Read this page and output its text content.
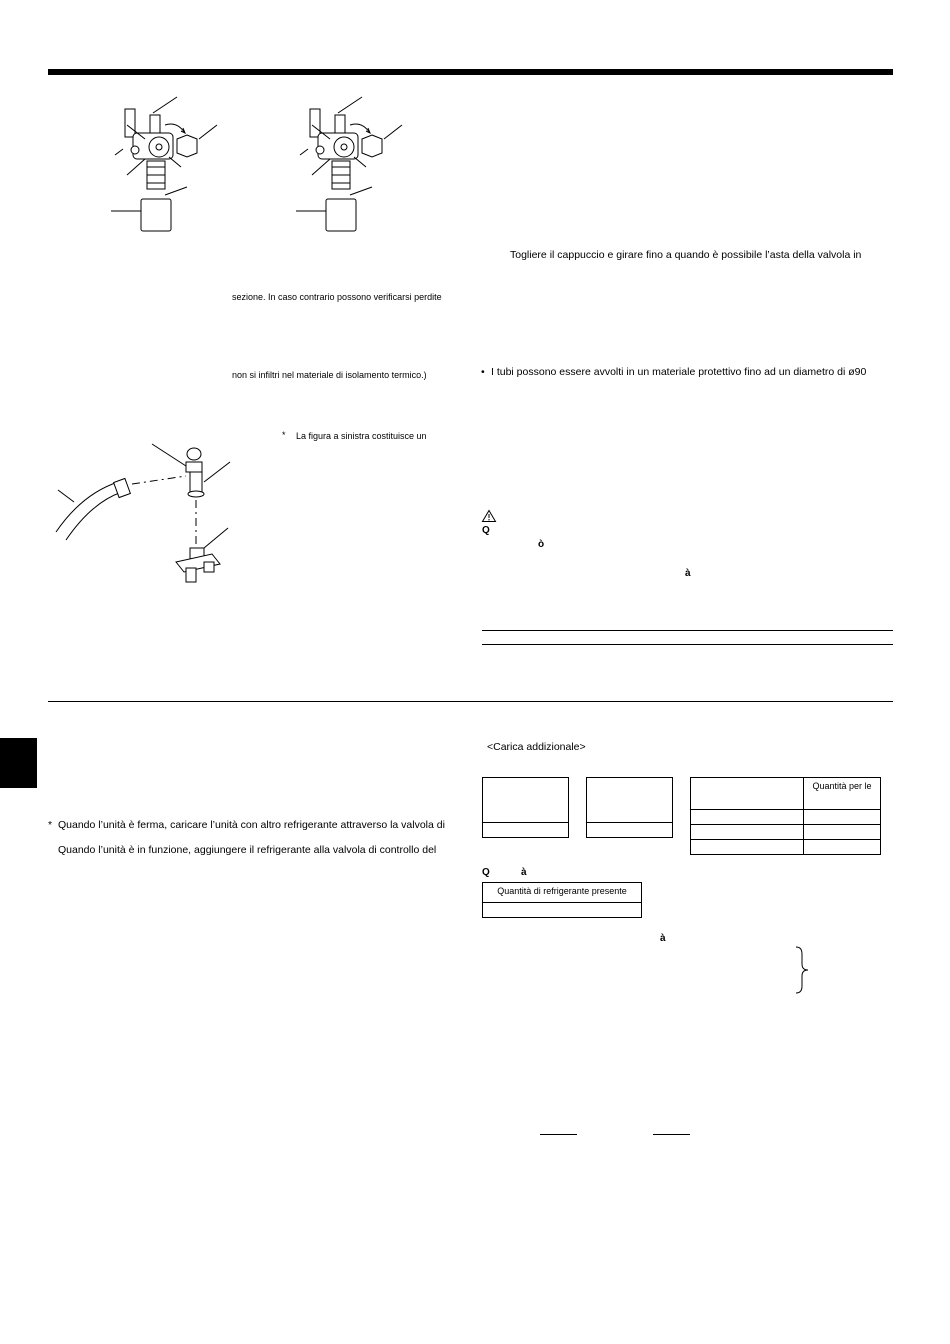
sezione. In caso contrario possono verificarsi perdite
non si infiltri nel materiale di isolamento termico.)
* La figura a sinistra costituisce un
Togliere il cappuccio e girare fino a quando è possibile l’asta della valvola in
• I tubi possono essere avvolti in un materiale protettivo fino ad un diametro di ø90
Q
ò
à
* Quando l’unità è ferma, caricare l’unità con altro refrigerante attraverso la valvola di
Quando l’unità è in funzione, aggiungere il refrigerante alla valvola di controllo del
<Carica addizionale>

	Quantità per le

Q	à
Quantità di refrigerante presente

à
